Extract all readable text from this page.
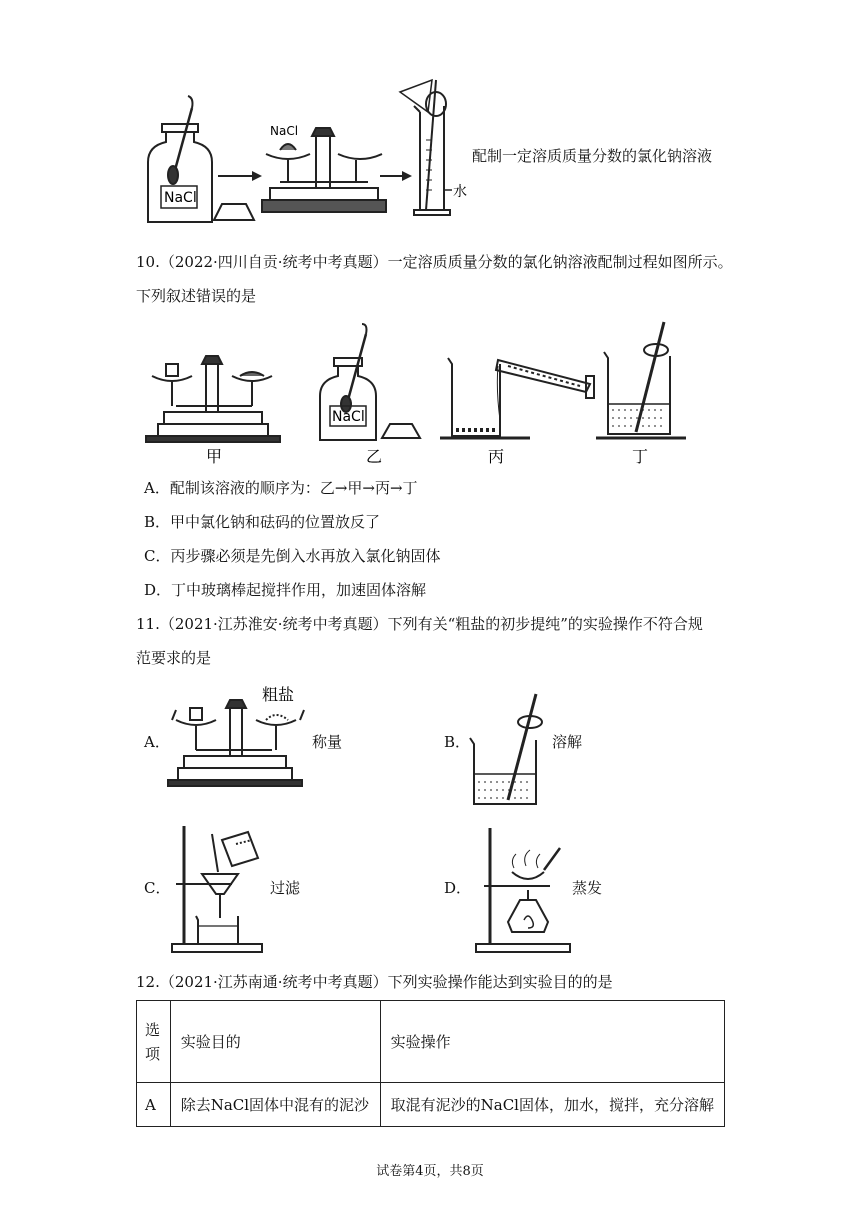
NaCl
NaCl	水
配制一定溶质质量分数的氯化钠溶液
10.（2022·四川自贡·统考中考真题）一定溶质质量分数的氯化钠溶液配制过程如图所示。
下列叙述错误的是
NaCl
甲	乙	丙	丁
A．配制该溶液的顺序为：乙→甲→丙→丁
B．甲中氯化钠和砝码的位置放反了
C．丙步骤必须是先倒入水再放入氯化钠固体
D．丁中玻璃棒起搅拌作用，加速固体溶解
11.（2021·江苏淮安·统考中考真题）下列有关“粗盐的初步提纯”的实验操作不符合规
范要求的是
A．
粗盐
称量	B．	溶解
C．	过滤	D．	蒸发
12.（2021·江苏南通·统考中考真题）下列实验操作能达到实验目的的是
选项	实验目的	实验操作
A	除去NaCl固体中混有的泥沙	取混有泥沙的NaCl固体，加水，搅拌，充分溶解
试卷第4页，共8页
